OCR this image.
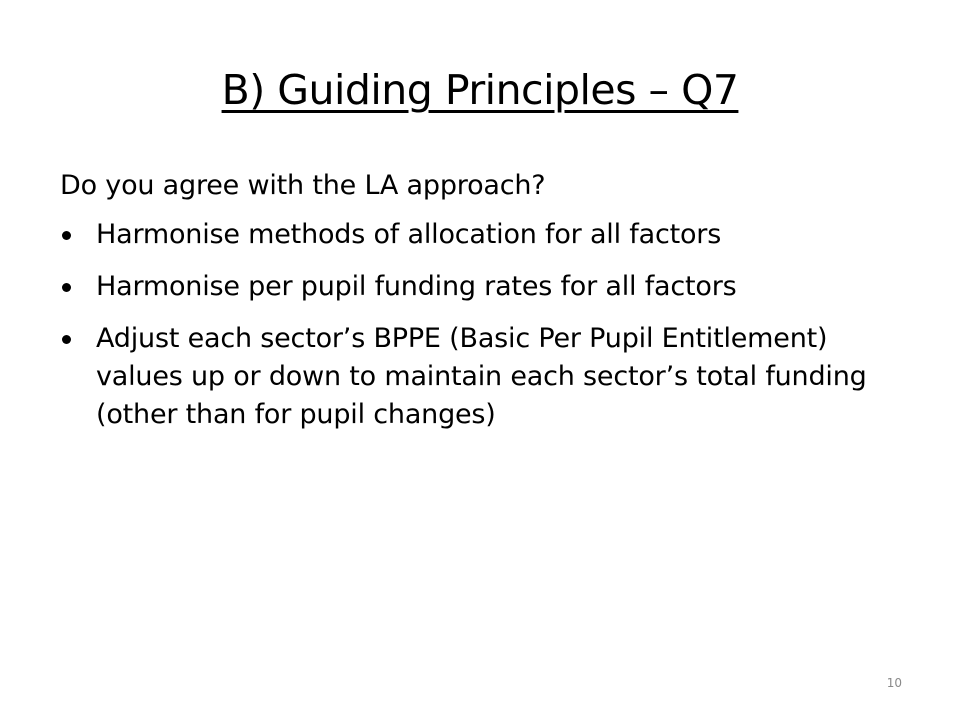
B) Guiding Principles – Q7

Do you agree with the LA approach?

Harmonise methods of allocation for all factors
Harmonise per pupil funding rates for all factors
Adjust each sector’s BPPE (Basic Per Pupil Entitlement) values up or down to maintain each sector’s total funding (other than for pupil changes)
10
